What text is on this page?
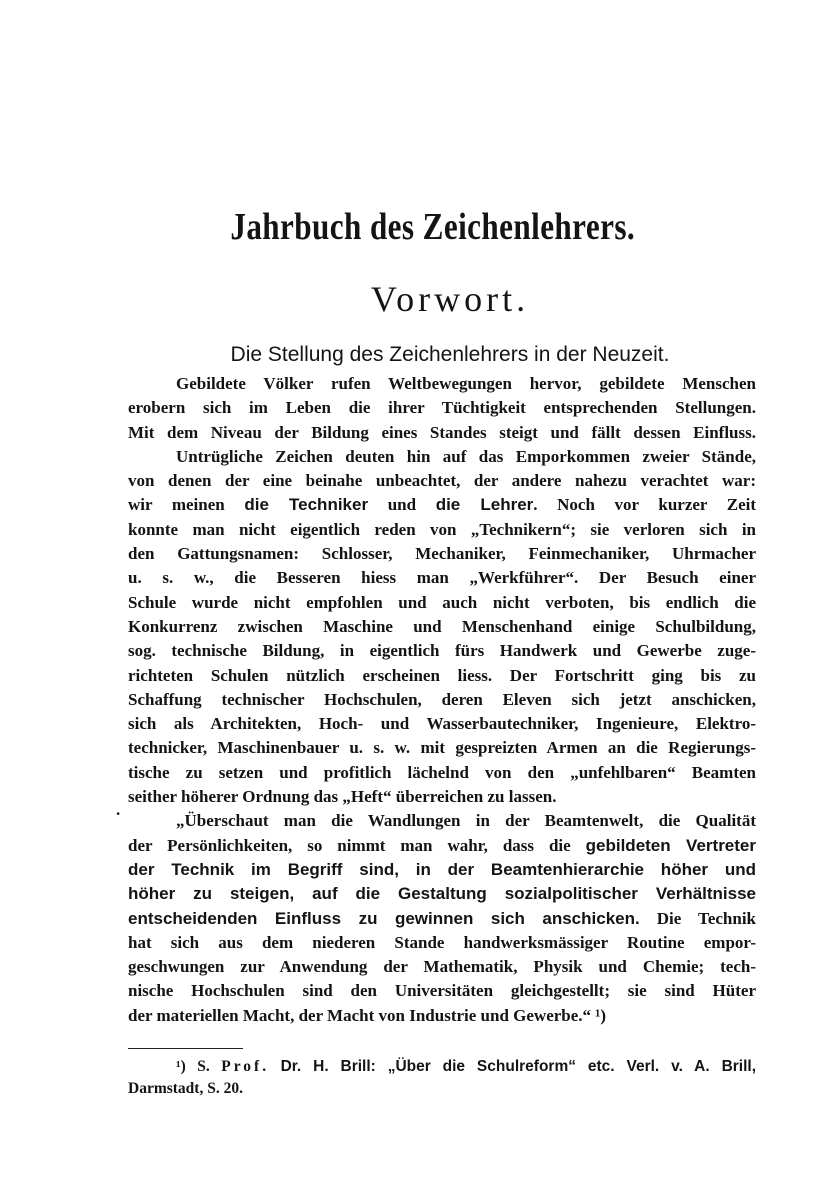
Jahrbuch des Zeichenlehrers.
Vorwort.
Die Stellung des Zeichenlehrers in der Neuzeit.
.
Gebildete Völker rufen Weltbewegungen hervor, gebildete Menschen
erobern sich im Leben die ihrer Tüchtigkeit entsprechenden Stellungen.
Mit dem Niveau der Bildung eines Standes steigt und fällt dessen Einfluss.
Untrügliche Zeichen deuten hin auf das Emporkommen zweier Stände,
von denen der eine beinahe unbeachtet, der andere nahezu verachtet war:
wir meinen die Techniker und die Lehrer. Noch vor kurzer Zeit
konnte man nicht eigentlich reden von „Technikern“; sie verloren sich in
den Gattungsnamen: Schlosser, Mechaniker, Feinmechaniker, Uhrmacher
u. s. w., die Besseren hiess man „Werkführer“. Der Besuch einer
Schule wurde nicht empfohlen und auch nicht verboten, bis endlich die
Konkurrenz zwischen Maschine und Menschenhand einige Schulbildung,
sog. technische Bildung, in eigentlich fürs Handwerk und Gewerbe zuge-
richteten Schulen nützlich erscheinen liess. Der Fortschritt ging bis zu
Schaffung technischer Hochschulen, deren Eleven sich jetzt anschicken,
sich als Architekten, Hoch- und Wasserbautechniker, Ingenieure, Elektro-
technicker, Maschinenbauer u. s. w. mit gespreizten Armen an die Regierungs-
tische zu setzen und profitlich lächelnd von den „unfehlbaren“ Beamten
seither höherer Ordnung das „Heft“ überreichen zu lassen.
„Überschaut man die Wandlungen in der Beamtenwelt, die Qualität
der Persönlichkeiten, so nimmt man wahr, dass die gebildeten Vertreter
der Technik im Begriff sind, in der Beamtenhierarchie höher und
höher zu steigen, auf die Gestaltung sozialpolitischer Verhältnisse
entscheidenden Einfluss zu gewinnen sich anschicken. Die Technik
hat sich aus dem niederen Stande handwerksmässiger Routine empor-
geschwungen zur Anwendung der Mathematik, Physik und Chemie; tech-
nische Hochschulen sind den Universitäten gleichgestellt; sie sind Hüter
der materiellen Macht, der Macht von Industrie und Gewerbe.“ ¹)
¹) S. Prof. Dr. H. Brill: „Über die Schulreform“ etc. Verl. v. A. Brill,
Darmstadt, S. 20.
